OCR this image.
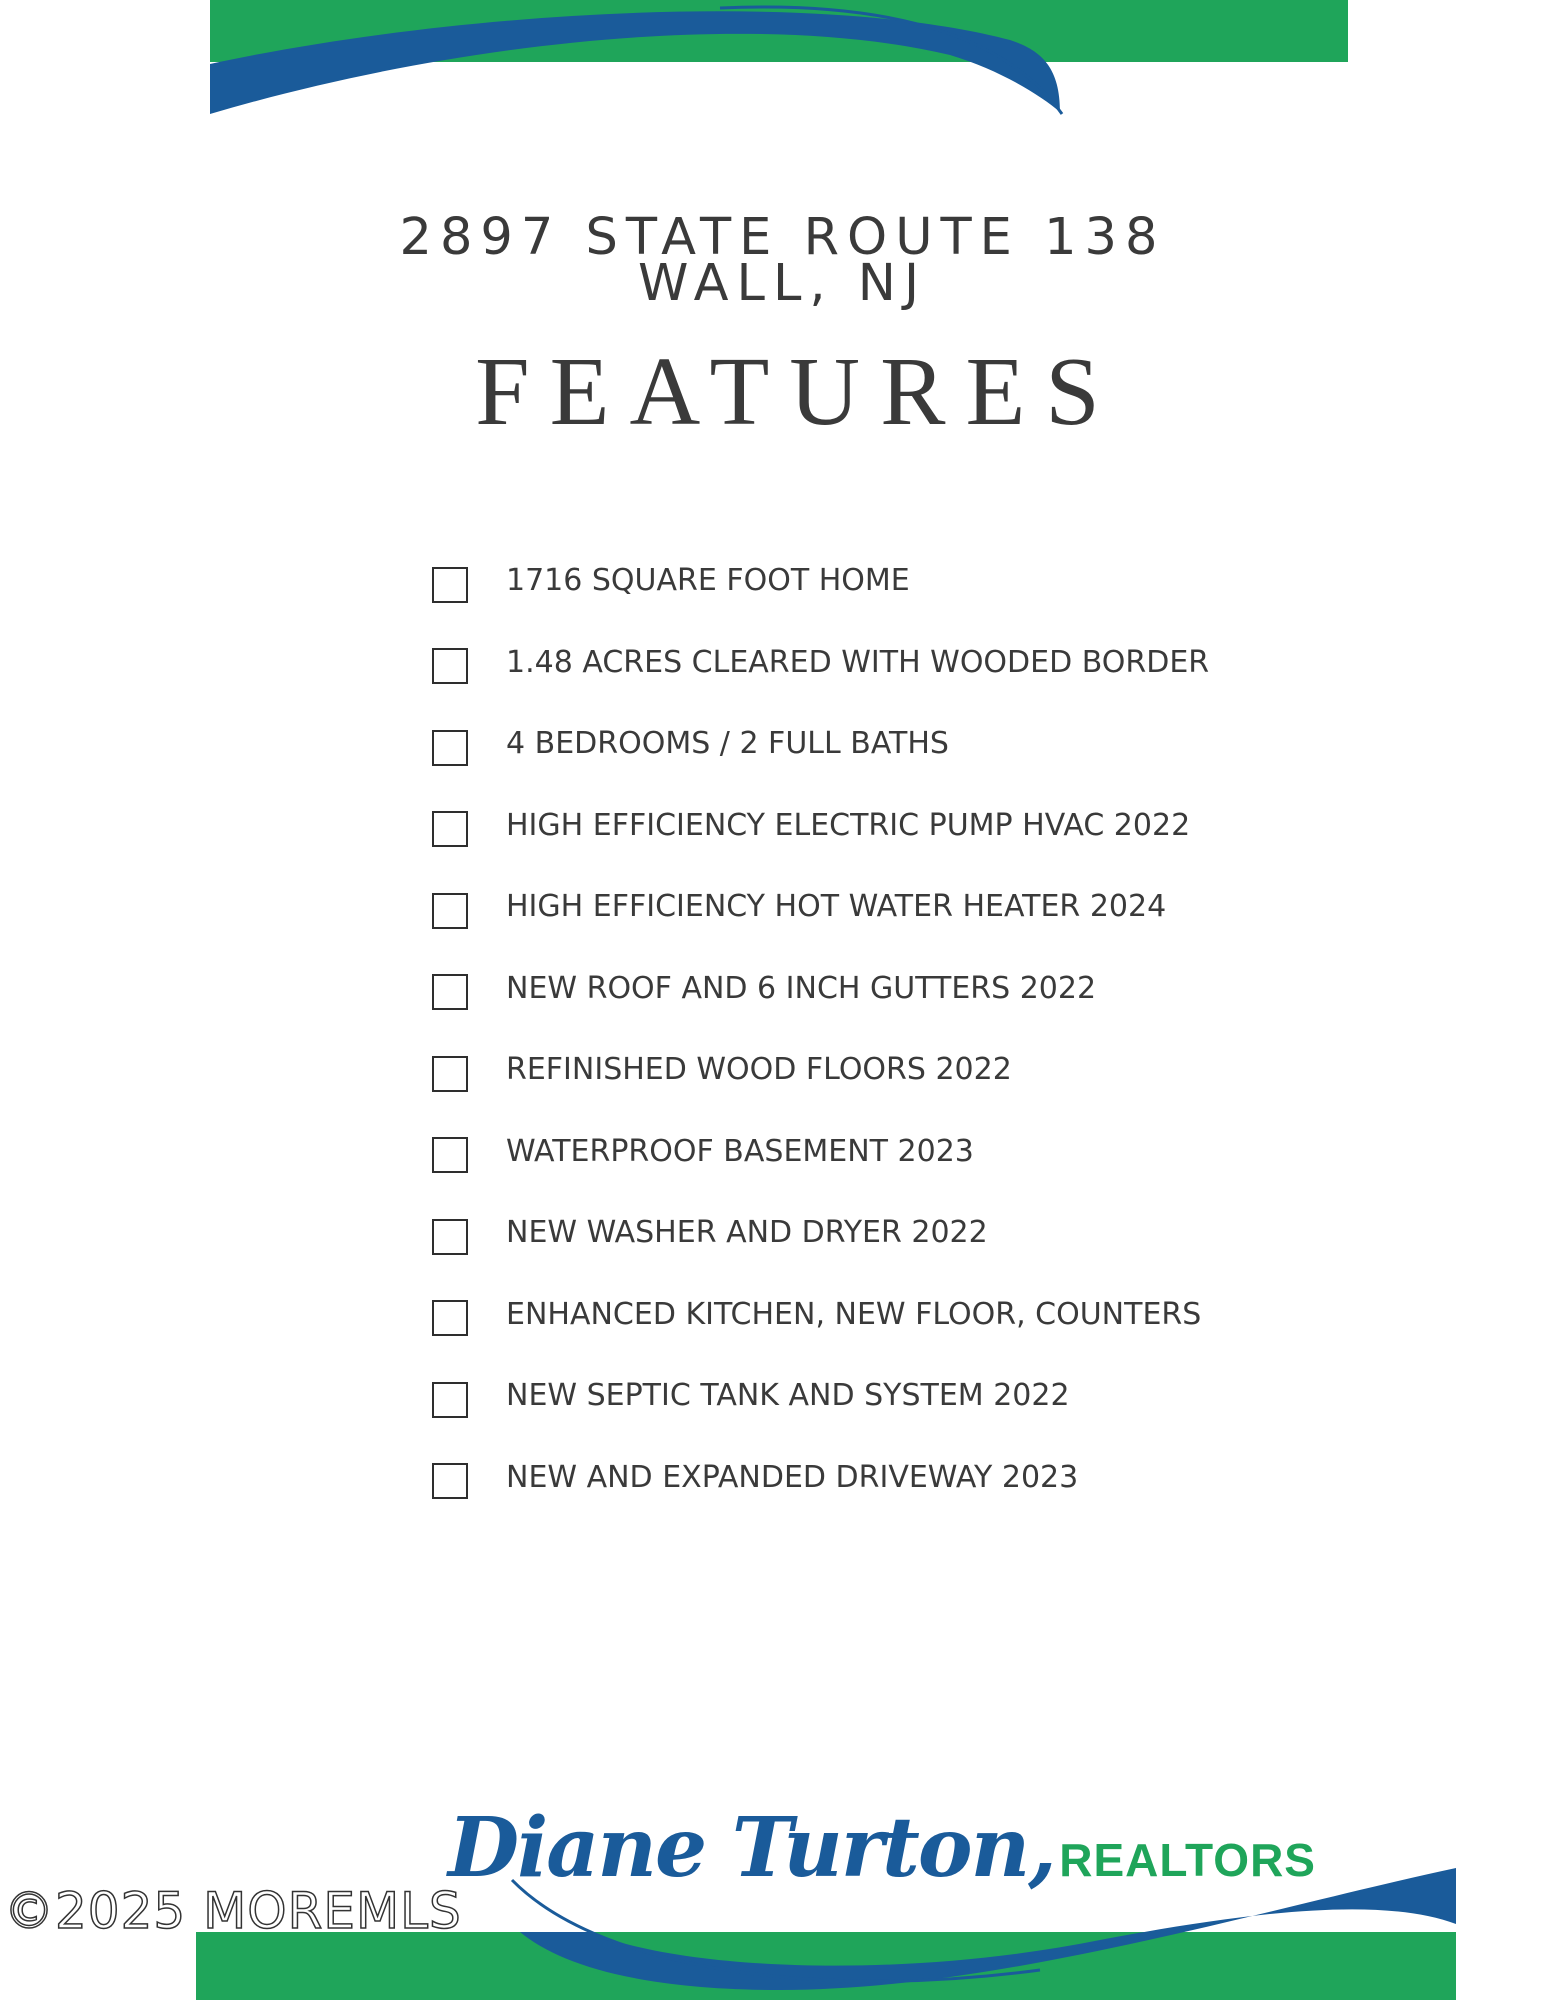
2897 STATE ROUTE 138
WALL, NJ
FEATURES
1716 SQUARE FOOT HOME
1.48 ACRES CLEARED WITH WOODED BORDER
4 BEDROOMS / 2 FULL BATHS
HIGH EFFICIENCY ELECTRIC PUMP HVAC 2022
HIGH EFFICIENCY HOT WATER HEATER 2024
NEW ROOF AND 6 INCH GUTTERS 2022
REFINISHED WOOD FLOORS 2022
WATERPROOF BASEMENT 2023
NEW WASHER AND DRYER 2022
ENHANCED KITCHEN, NEW FLOOR, COUNTERS
NEW SEPTIC TANK AND SYSTEM 2022
NEW AND EXPANDED DRIVEWAY 2023
Diane Turton, REALTORS
©2025 MOREMLS
